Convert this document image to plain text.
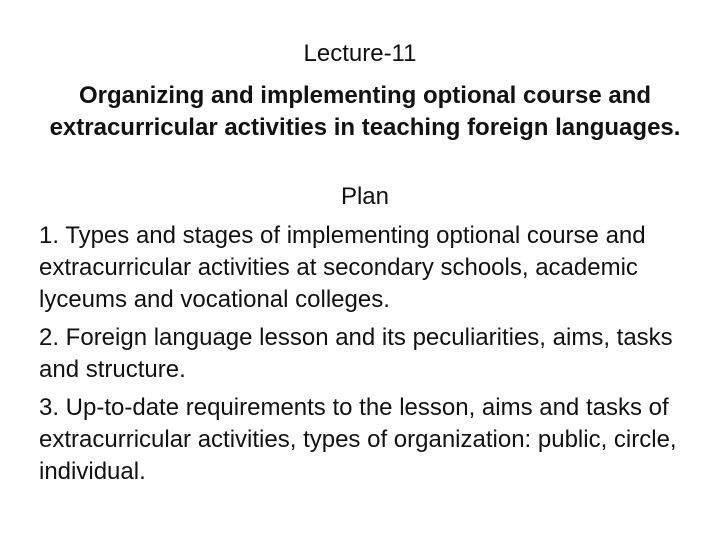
Lecture-11
Organizing and implementing optional course and extracurricular activities in teaching foreign languages.
Plan
1. Types and stages of implementing optional course and extracurricular activities at secondary schools, academic lyceums and vocational colleges.
2. Foreign language lesson and its peculiarities, aims, tasks and structure.
3. Up-to-date requirements to the lesson, aims and tasks of extracurricular activities, types of organization: public, circle, individual.
